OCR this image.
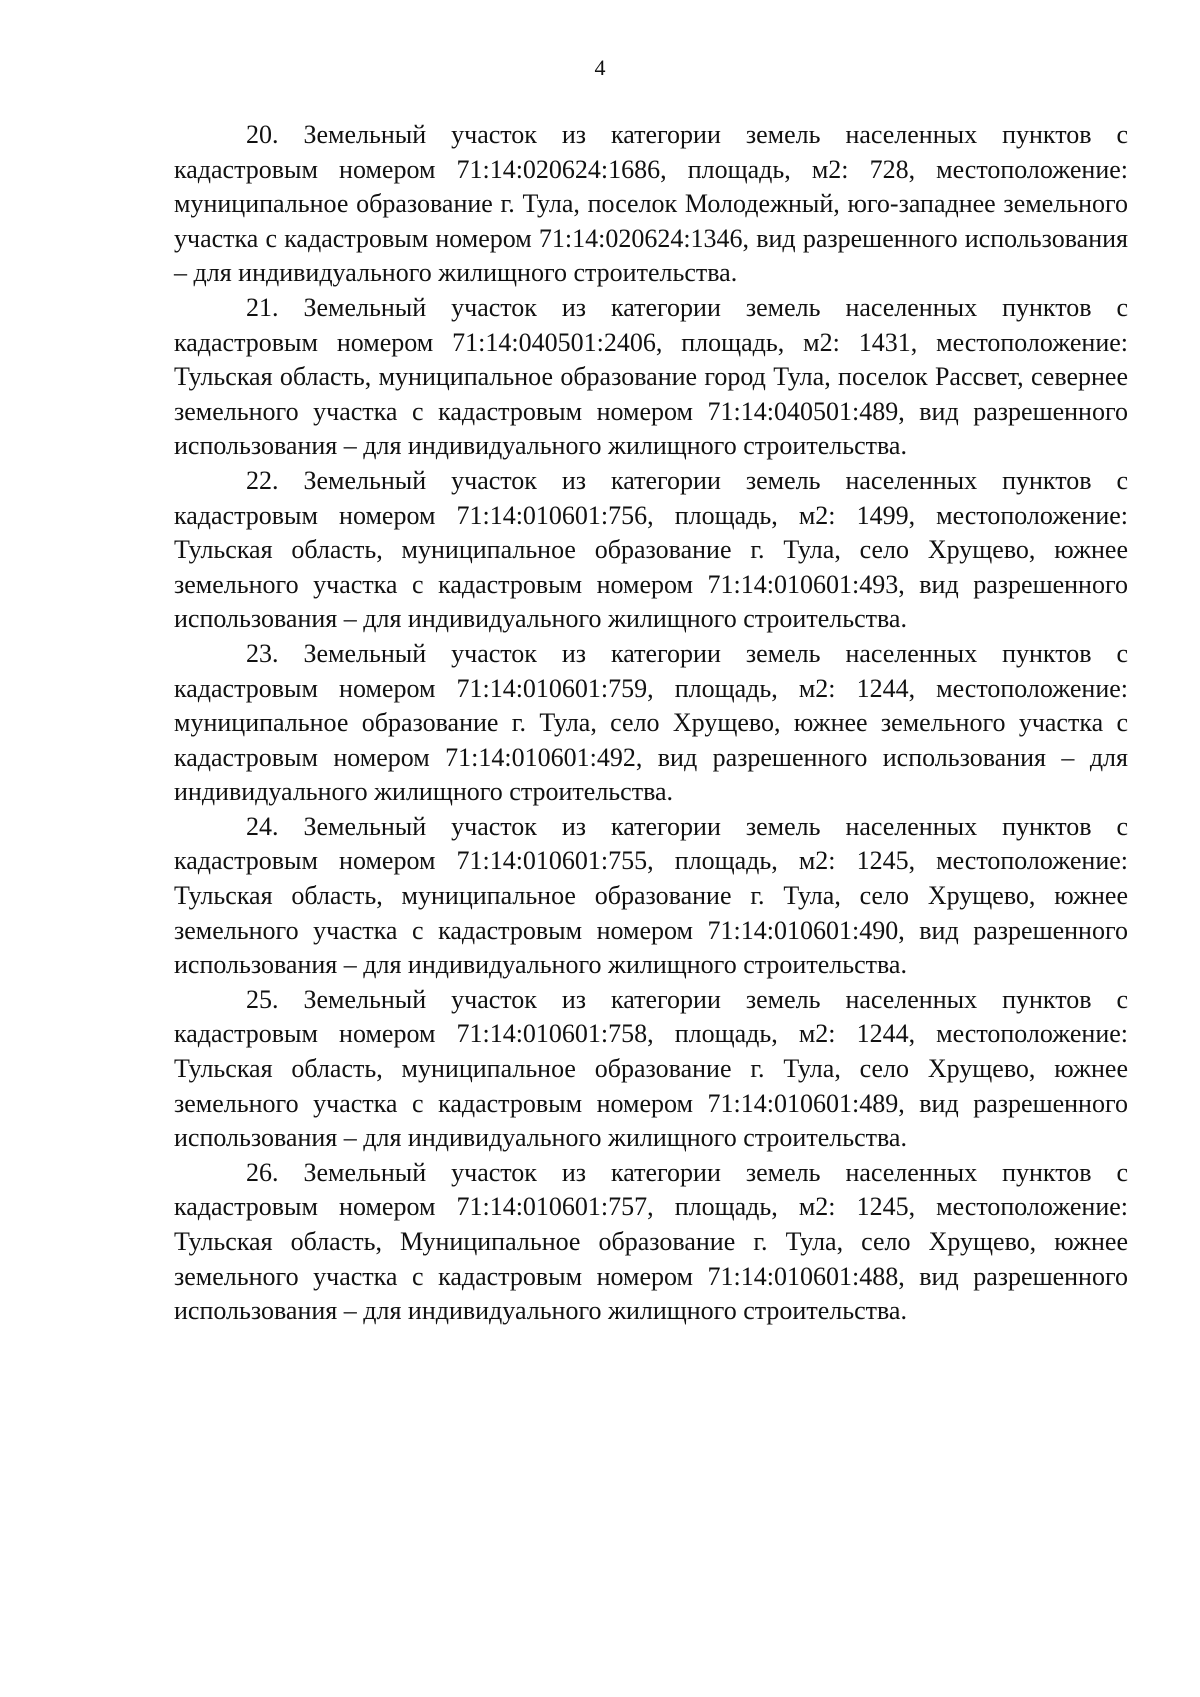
4

20. Земельный участок из категории земель населенных пунктов с кадастровым номером 71:14:020624:1686, площадь, м2: 728, местоположение: муниципальное образование г. Тула, поселок Молодежный, юго-западнее земельного участка с кадастровым номером 71:14:020624:1346, вид разрешенного использования – для индивидуального жилищного строительства.

21. Земельный участок из категории земель населенных пунктов с кадастровым номером 71:14:040501:2406, площадь, м2: 1431, местоположение: Тульская область, муниципальное образование город Тула, поселок Рассвет, севернее земельного участка с кадастровым номером 71:14:040501:489, вид разрешенного использования – для индивидуального жилищного строительства.

22. Земельный участок из категории земель населенных пунктов с кадастровым номером 71:14:010601:756, площадь, м2: 1499, местоположение: Тульская область, муниципальное образование г. Тула, село Хрущево, южнее земельного участка с кадастровым номером 71:14:010601:493, вид разрешенного использования – для индивидуального жилищного строительства.

23. Земельный участок из категории земель населенных пунктов с кадастровым номером 71:14:010601:759, площадь, м2: 1244, местоположение: муниципальное образование г. Тула, село Хрущево, южнее земельного участка с кадастровым номером 71:14:010601:492, вид разрешенного использования – для индивидуального жилищного строительства.

24. Земельный участок из категории земель населенных пунктов с кадастровым номером 71:14:010601:755, площадь, м2: 1245, местоположение: Тульская область, муниципальное образование г. Тула, село Хрущево, южнее земельного участка с кадастровым номером 71:14:010601:490, вид разрешенного использования – для индивидуального жилищного строительства.

25. Земельный участок из категории земель населенных пунктов с кадастровым номером 71:14:010601:758, площадь, м2: 1244, местоположение: Тульская область, муниципальное образование г. Тула, село Хрущево, южнее земельного участка с кадастровым номером 71:14:010601:489, вид разрешенного использования – для индивидуального жилищного строительства.

26. Земельный участок из категории земель населенных пунктов с кадастровым номером 71:14:010601:757, площадь, м2: 1245, местоположение: Тульская область, Муниципальное образование г. Тула, село Хрущево, южнее земельного участка с кадастровым номером 71:14:010601:488, вид разрешенного использования – для индивидуального жилищного строительства.
